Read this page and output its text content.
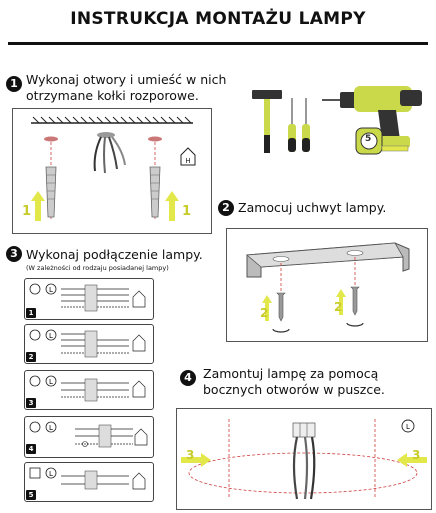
INSTRUKCJA MONTAŻU LAMPY
1 Wykonaj otwory i umieść w nich
otrzymane kołki rozporowe.
H
1	1
5
2 Zamocuj uchwyt lampy.
2	2
3 Wykonaj podłączenie lampy.
(W zależności od rodzaju posiadanej lampy)
L
1
L
2
L
3
L
4
L
5
4 Zamontuj lampę za pomocą
bocznych otworów w puszce.
L
3	3
